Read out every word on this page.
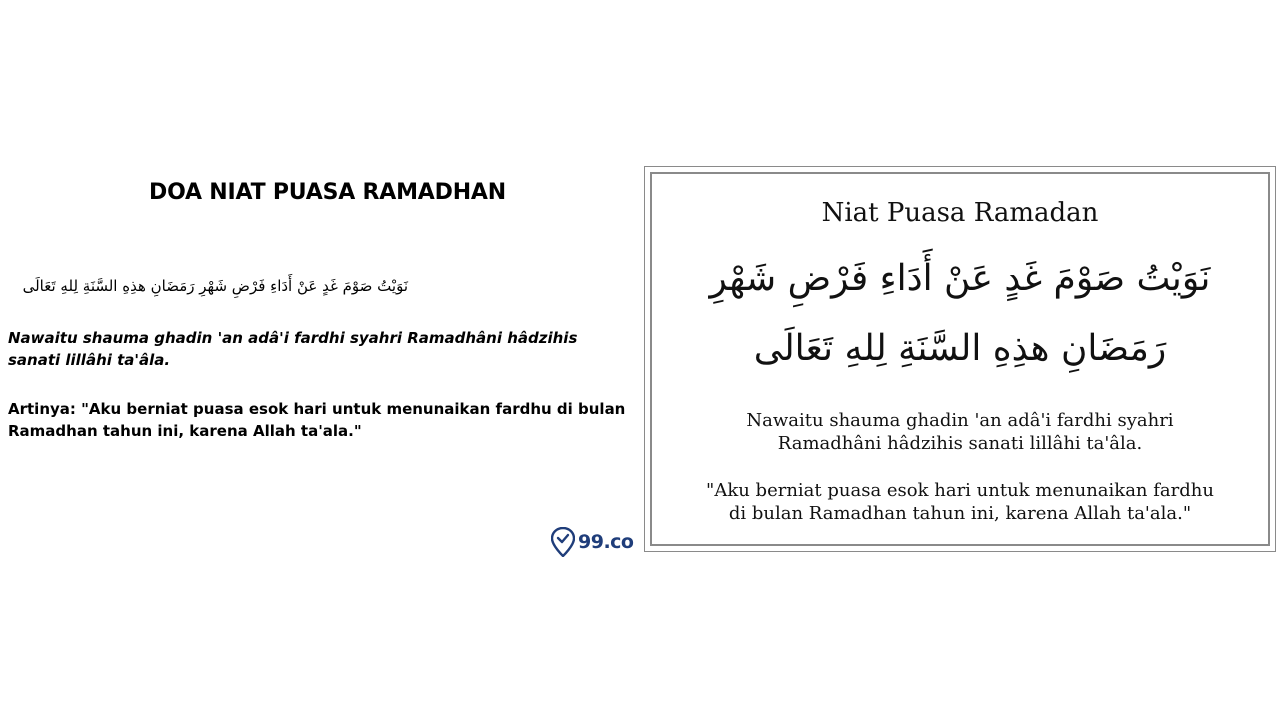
DOA NIAT PUASA RAMADHAN
نَوَيْتُ صَوْمَ غَدٍ عَنْ أَدَاءِ فَرْضِ شَهْرِ رَمَضَانِ هذِهِ السَّنَةِ لِلهِ تَعَالَى
Nawaitu shauma ghadin 'an adâ'i fardhi syahri Ramadhâni hâdzihis sanati lillâhi ta'âla.
Artinya: "Aku berniat puasa esok hari untuk menunaikan fardhu di bulan Ramadhan tahun ini, karena Allah ta'ala."
99.co
Niat Puasa Ramadan
نَوَيْتُ صَوْمَ غَدٍ عَنْ أَدَاءِ فَرْضِ شَهْرِ
رَمَضَانِ هذِهِ السَّنَةِ لِلهِ تَعَالَى
Nawaitu shauma ghadin 'an adâ'i fardhi syahri
Ramadhâni hâdzihis sanati lillâhi ta'âla.
"Aku berniat puasa esok hari untuk menunaikan fardhu
di bulan Ramadhan tahun ini, karena Allah ta'ala."
